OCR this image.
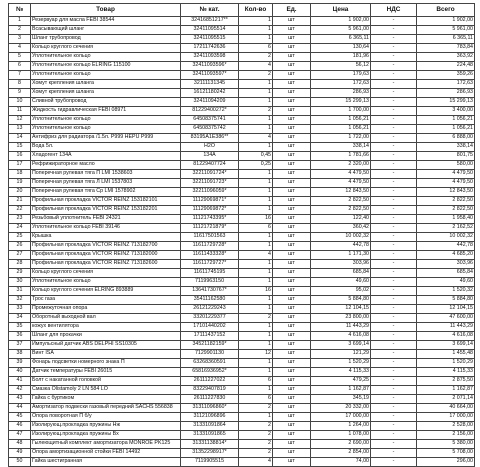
№	Товар	№ кат.	Кол-во	Ед.	Цена	НДС	Всего
1	Резервуар для масла FEBI 38544	32416851217**	1	шт	1 902,00	-	1 902,00
2	Всасывающий шланг	32411095514	1	шт	5 961,00	-	5 961,00
3	Шланг трубопровод	32411095515	1	шт	6 365,11	-	6 365,11
4	Кольцо круглого сечения	17211742636	6	шт	130,64	-	783,84
5	Уплотнительное кольцо	32411093598	2	шт	181,96	-	363,92
6	Уплотнительное кольцо ELRING 115100	32411093596*	4	шт	56,12	-	224,48
7	Уплотнительное кольцо	32411093597*	2	шт	179,63	-	359,26
8	Хомут крепления шланга	32111131345	1	шт	172,63	-	172,63
9	Хомут крепления шланга	16121180242	1	шт	286,93	-	286,93
10	Сливной трубопровод	32411094209	1	шт	15 299,13	-	15 299,13
11	Жидкость гидравлическая FEBI 08971	81229400272*	2	шт	1 700,00	-	3 400,00
12	Уплотнительное кольцо	64508375741	1	шт	1 056,21	-	1 056,21
13	Уплотнительное кольцо	64508375742	1	шт	1 056,21	-	1 056,21
14	Антифриз для радиатора /1.5л. Р999 HEPU P999	83195A1E386**	4	шт	1 722,00	-	6 888,00
15	Вода 5л.	H2O	1	шт	338,14	-	338,14
16	Хладогент 134А	134A	0,45	шт	1 781,66	-	801,75
17	Рефрижираторное масло	81229407724	0,25	шт	2 320,00	-	580,00
18	Поперечная рулевая тяга П LMI 1538603	32211091724*	1	шт	4 479,50	-	4 479,50
19	Поперечная рулевая тяга Л LMI 1537803	32211091723*	1	шт	4 479,50	-	4 479,50
20	Поперечная рулевая тяга Ср LMI 1578902	32211096059*	1	шт	12 843,50	-	12 843,50
21	Профильная прокладка VICTOR REINZ 153182101	11129069871*	1	шт	2 822,50	-	2 822,50
22	Профильная прокладка VICTOR REINZ 153182201	11129069872*	1	шт	2 822,50	-	2 822,50
23	Резьбовый уплотнитель FEBI 24321	11121743395*	16	шт	122,40	-	1 958,40
24	Уплотнительное кольцо FEBI 39146	11121721879*	6	шт	360,42	-	2 162,52
25	Крышка	11617501563	1	шт	10 002,32	-	10 002,32
26	Профильная прокладка VICTOR REINZ 713182700	11611729728*	1	шт	442,78	-	442,78
27	Профильная прокладка VICTOR REINZ 713182000	11611433328*	4	шт	1 171,30	-	4 685,20
28	Профильная прокладка VICTOR REINZ 713182600	11611729727*	1	шт	303,96	-	303,96
29	Кольцо круглого сечения	11611745195	1	шт	685,84	-	685,84
30	Уплотнительное кольцо	7119963150	1	шт	49,60	-	49,60
31	Кольцо круглого сечения ELRING 893889	13641730767*	16	шт	95,02	-	1 520,32
32	Трос газа	35411162580	1	шт	5 884,80	-	5 884,80
33	Промежуточная опора	26121229243	1	шт	12 104,15	-	12 104,15
34	Оборотный выходной вал	33201229377	2	шт	23 800,00	-	47 600,00
35	кожух вентилятора	17101440202	1	шт	11 443,29	-	11 443,29
36	Шланг для прокачки	17111437152	1	шт	4 616,08	-	4 616,08
37	Импульсный датчик ABS DELPHI SS10305	34521182159*	1	шт	3 699,14	-	3 699,14
38	Винт ISA	7129901130	12	шт	121,29	-	1 455,48
39	Фонарь подсветки номерного знака П	63268360591	1	шт	1 520,29	-	1 520,29
40	Датчик температуры FEBI 26015	65816936952*	1	шт	4 115,33	-	4 115,33
41	Болт с накатанной головкой	26111227022	6	шт	479,25	-	2 875,50
42	Смазка Olistamoly 2 LN 584 LO	83229407819	1	шт	1 162,87	-	1 162,87
43	Гайка с буртиком	26111227830	6	шт	345,19	-	2 071,14
44	Амортизатор подвески газовый передний SACHS 556838	31311096860*	2	шт	20 332,00	-	40 664,00
45	Опора поворотная П б/у	31121096896	1	шт	17 000,00	-	17 000,00
46	Изолирующ.прокладка пружины Нж	31331091864	2	шт	1 264,00	-	2 528,00
47	Изолирующ.прокладка пружины Вх	31331091865	2	шт	1 078,00	-	2 156,00
48	Гылеющитный комплект амортизатора MONROE PK125	31331138814*	2	шт	2 690,00	-	5 380,00
49	Опора амортизационной стойки FEBI 14492	31352298917*	2	шт	2 854,00	-	5 708,00
50	Гайка шестигранная	7119905515	4	шт	74,00	-	296,00
